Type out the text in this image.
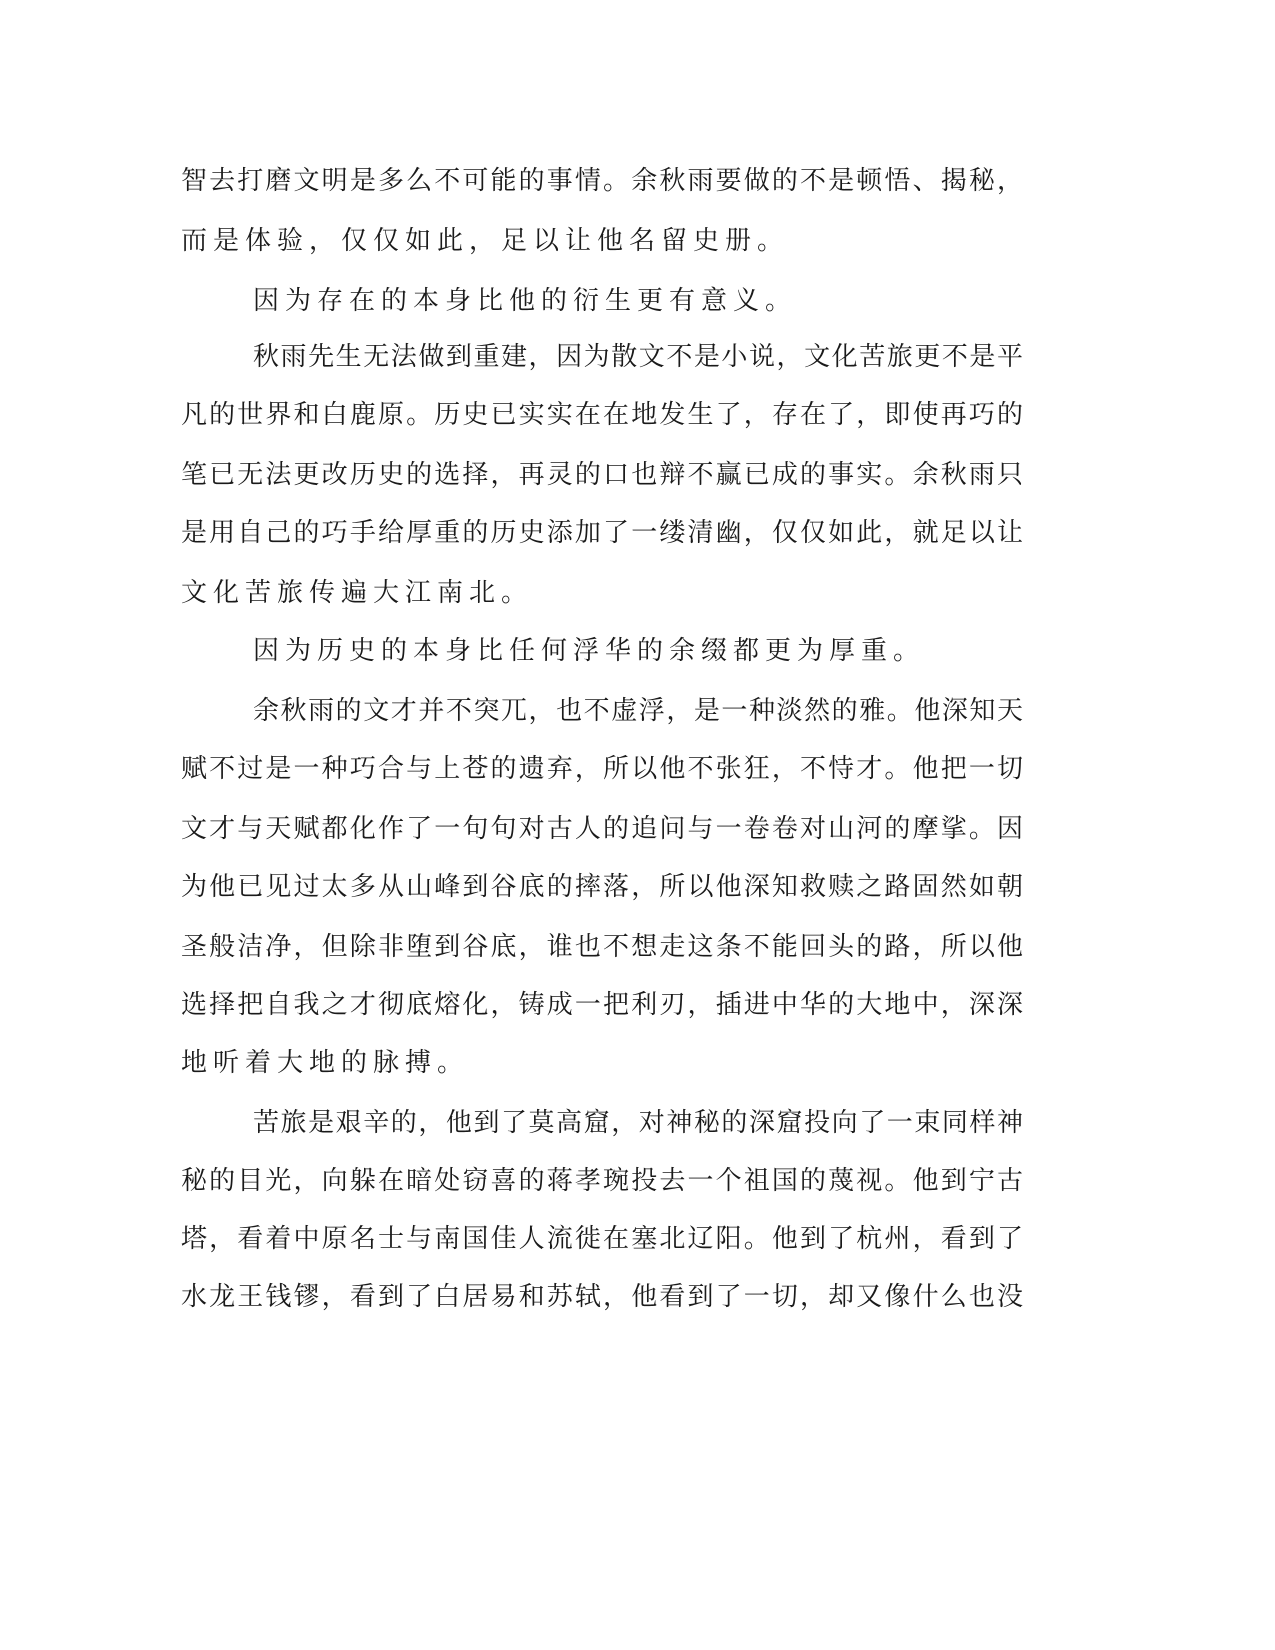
智去打磨文明是多么不可能的事情。余秋雨要做的不是顿悟、揭秘，

而是体验，仅仅如此，足以让他名留史册。

因为存在的本身比他的衍生更有意义。

秋雨先生无法做到重建，因为散文不是小说，文化苦旅更不是平

凡的世界和白鹿原。历史已实实在在地发生了，存在了，即使再巧的

笔已无法更改历史的选择，再灵的口也辩不赢已成的事实。余秋雨只

是用自己的巧手给厚重的历史添加了一缕清幽，仅仅如此，就足以让

文化苦旅传遍大江南北。

因为历史的本身比任何浮华的余缀都更为厚重。

余秋雨的文才并不突兀，也不虚浮，是一种淡然的雅。他深知天

赋不过是一种巧合与上苍的遗弃，所以他不张狂，不恃才。他把一切

文才与天赋都化作了一句句对古人的追问与一卷卷对山河的摩挲。因

为他已见过太多从山峰到谷底的摔落，所以他深知救赎之路固然如朝

圣般洁净，但除非堕到谷底，谁也不想走这条不能回头的路，所以他

选择把自我之才彻底熔化，铸成一把利刃，插进中华的大地中，深深

地听着大地的脉搏。

苦旅是艰辛的，他到了莫高窟，对神秘的深窟投向了一束同样神

秘的目光，向躲在暗处窃喜的蒋孝琬投去一个祖国的蔑视。他到宁古

塔，看着中原名士与南国佳人流徙在塞北辽阳。他到了杭州，看到了

水龙王钱镠，看到了白居易和苏轼，他看到了一切，却又像什么也没
